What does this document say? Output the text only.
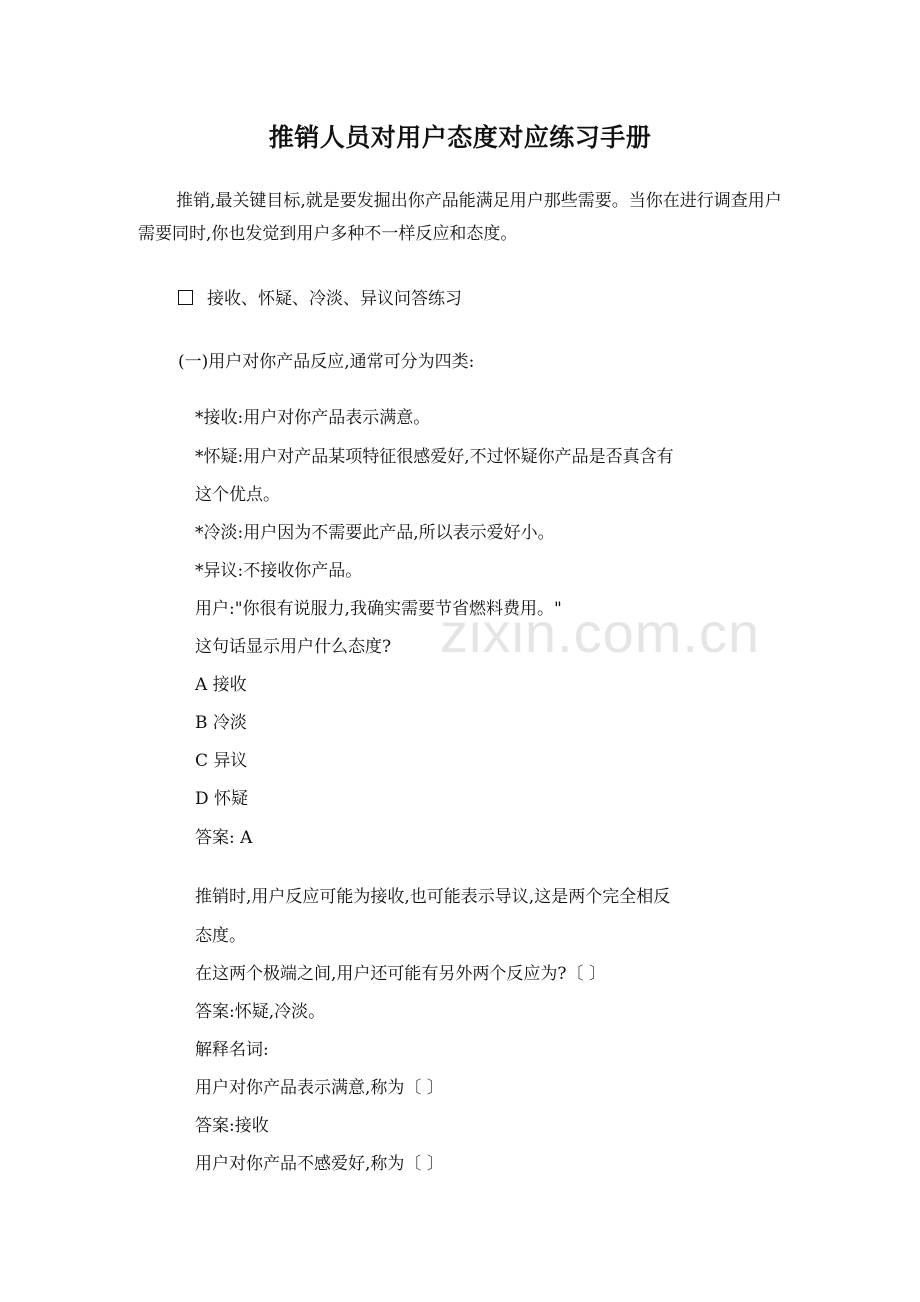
推销人员对用户态度对应练习手册
推销,最关键目标,就是要发掘出你产品能满足用户那些需要。当你在进行调查用户需要同时,你也发觉到用户多种不一样反应和态度。
接收、怀疑、冷淡、异议问答练习
(一)用户对你产品反应,通常可分为四类:
*接收:用户对你产品表示满意。
*怀疑:用户对产品某项特征很感爱好,不过怀疑你产品是否真含有
这个优点。
*冷淡:用户因为不需要此产品,所以表示爱好小。
*异议:不接收你产品。
用户:"你很有说服力,我确实需要节省燃料费用。"
这句话显示用户什么态度?
A 接收
B 冷淡
C 异议
D 怀疑
答案: A
推销时,用户反应可能为接收,也可能表示导议,这是两个完全相反
态度。
在这两个极端之间,用户还可能有另外两个反应为?〔 〕
答案:怀疑,冷淡。
解释名词:
用户对你产品表示满意,称为〔 〕
答案:接收
用户对你产品不感爱好,称为〔 〕
zixin.com.cn
